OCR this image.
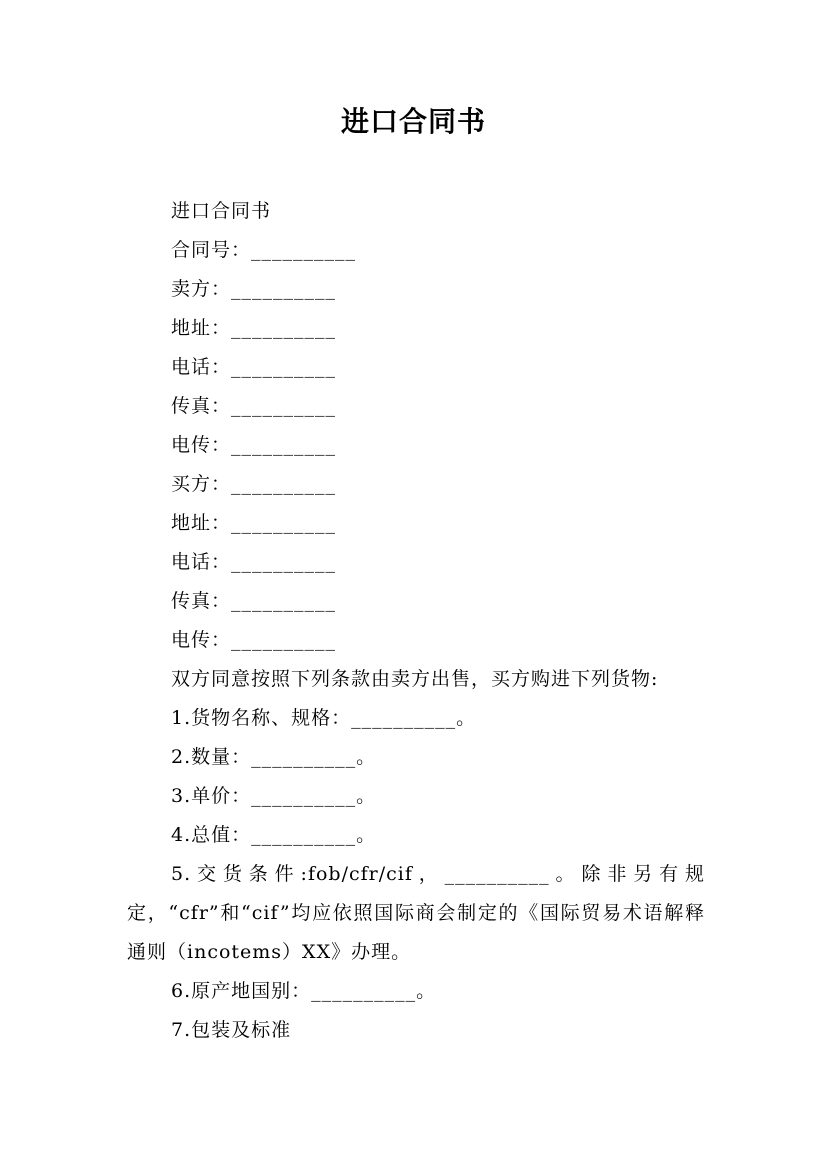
进口合同书

进口合同书

合同号：__________

卖方：__________

地址：__________

电话：__________

传真：__________

电传：__________

买方：__________

地址：__________

电话：__________

传真：__________

电传：__________

双方同意按照下列条款由卖方出售，买方购进下列货物:

1.货物名称、规格：__________。

2.数量：__________。

3.单价：__________。

4.总值：__________。

5.交货条件:fob/cfr/cif，__________。除非另有规定，“cfr”和“cif”均应依照国际商会制定的《国际贸易术语解释通则（incotems）XX》办理。

6.原产地国别：__________。

7.包装及标准
